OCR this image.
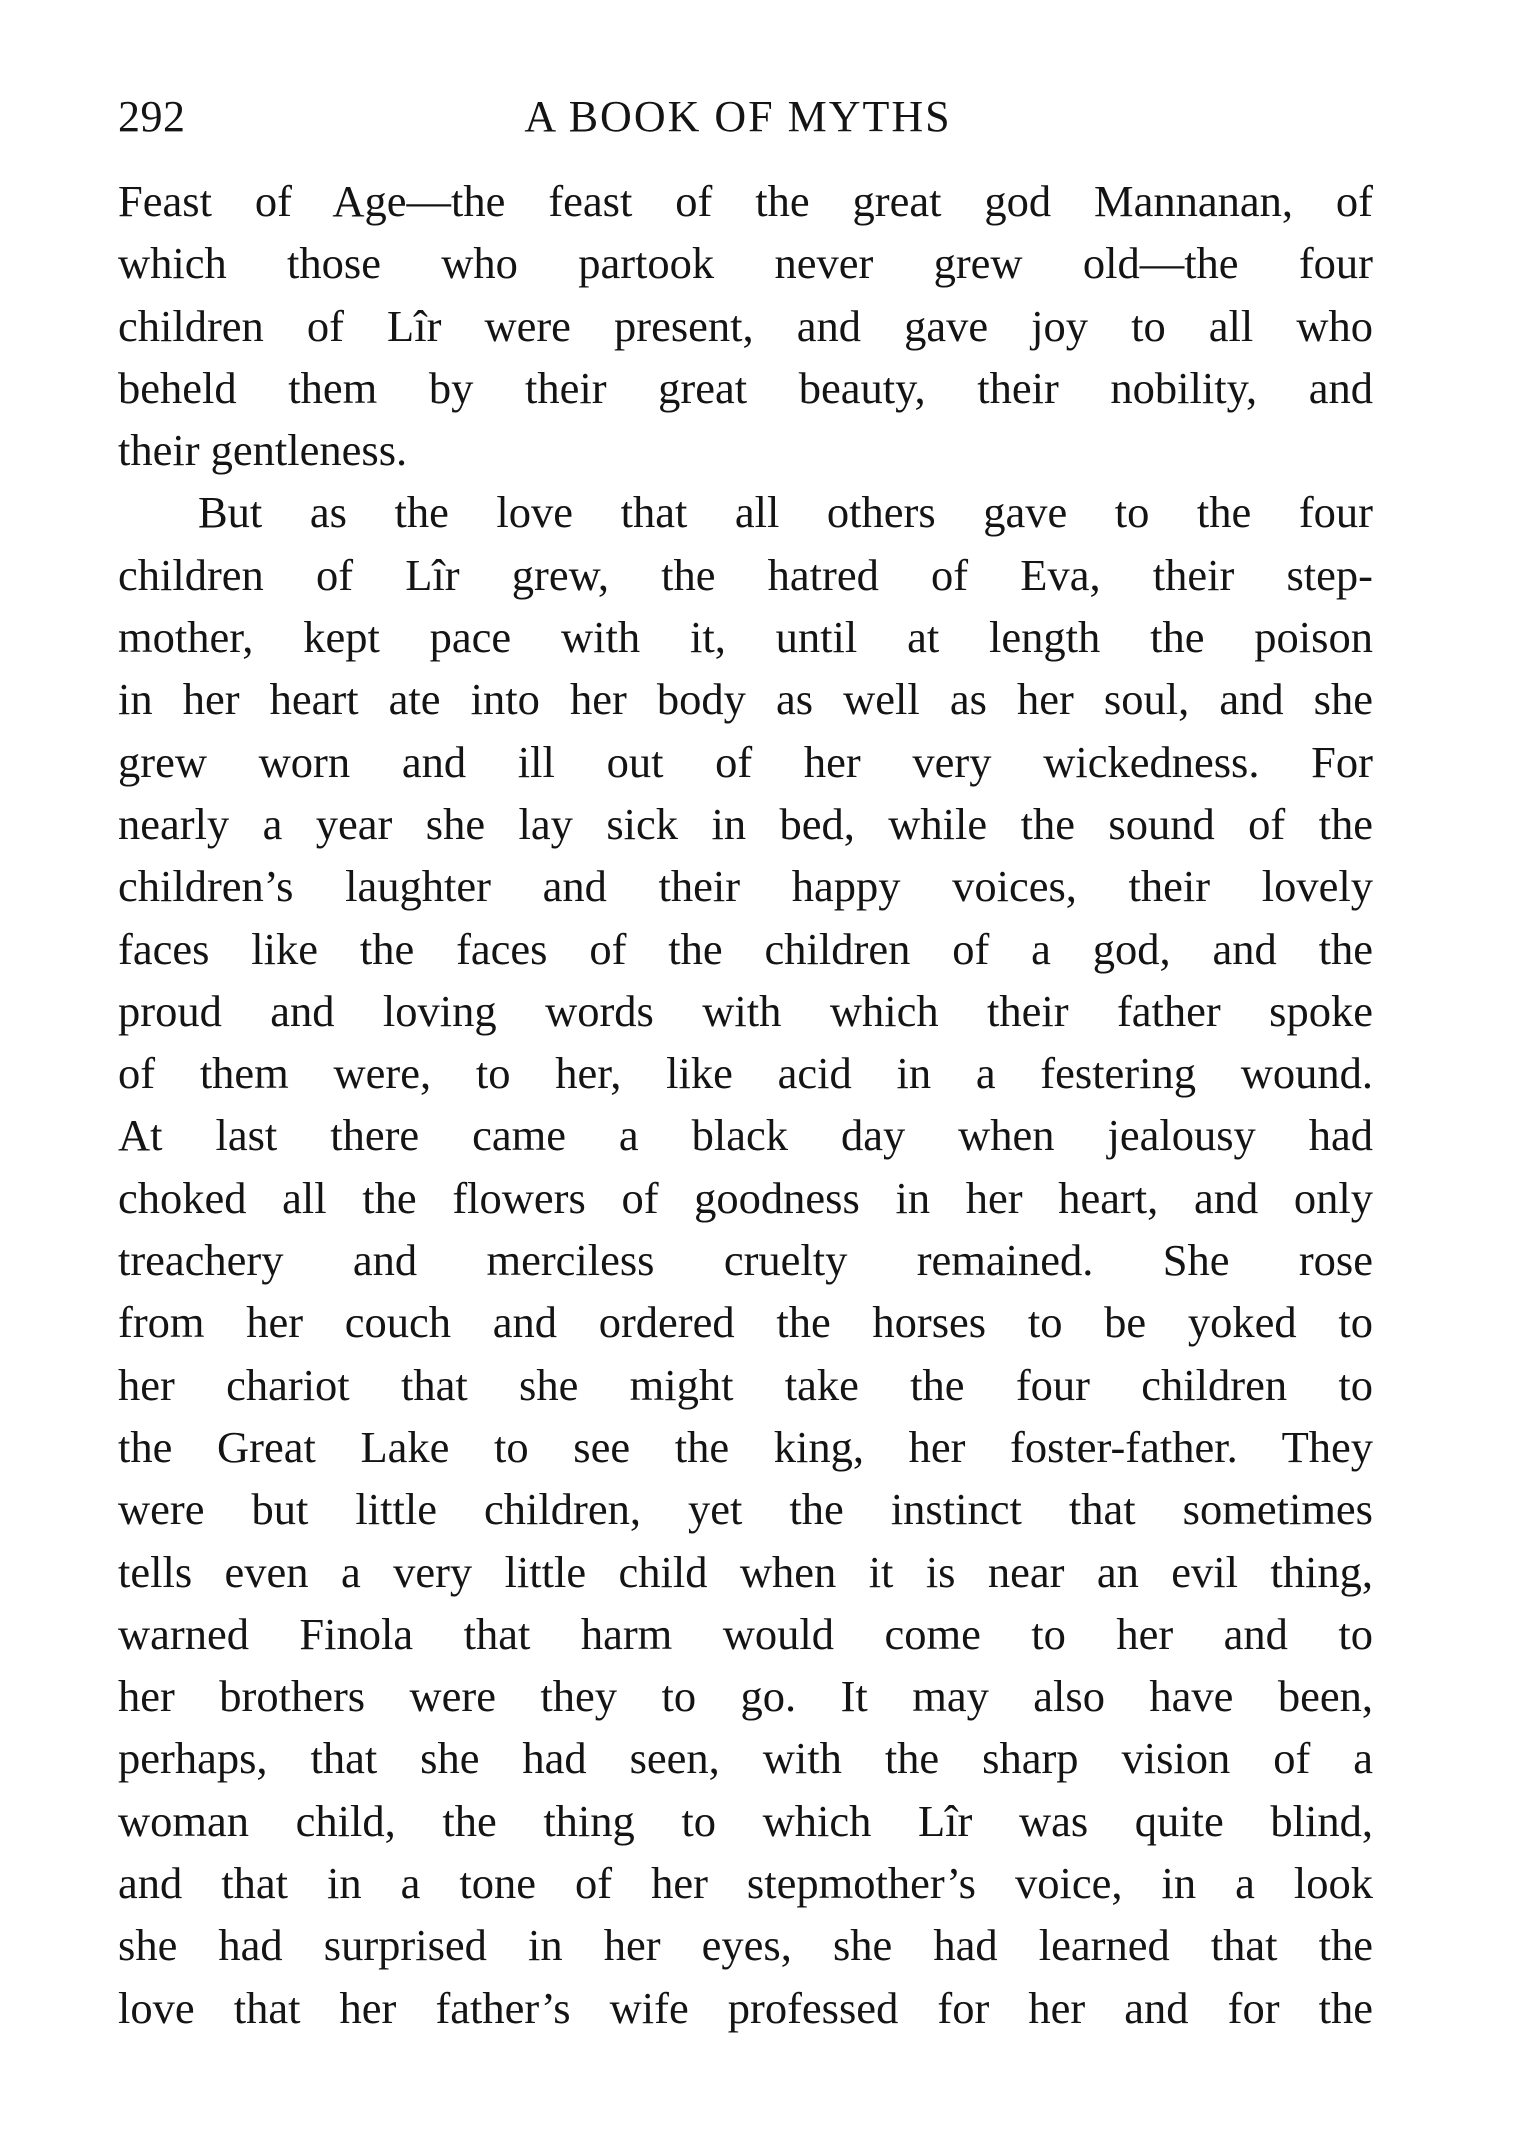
292	A BOOK OF MYTHS
Feast of Age—the feast of the great god Mannanan, of
which those who partook never grew old—the four
children of Lîr were present, and gave joy to all who
beheld them by their great beauty, their nobility, and
their gentleness.
But as the love that all others gave to the four
children of Lîr grew, the hatred of Eva, their step-
mother, kept pace with it, until at length the poison
in her heart ate into her body as well as her soul, and she
grew worn and ill out of her very wickedness. For
nearly a year she lay sick in bed, while the sound of the
children’s laughter and their happy voices, their lovely
faces like the faces of the children of a god, and the
proud and loving words with which their father spoke
of them were, to her, like acid in a festering wound.
At last there came a black day when jealousy had
choked all the flowers of goodness in her heart, and only
treachery and merciless cruelty remained. She rose
from her couch and ordered the horses to be yoked to
her chariot that she might take the four children to
the Great Lake to see the king, her foster-father. They
were but little children, yet the instinct that sometimes
tells even a very little child when it is near an evil thing,
warned Finola that harm would come to her and to
her brothers were they to go. It may also have been,
perhaps, that she had seen, with the sharp vision of a
woman child, the thing to which Lîr was quite blind,
and that in a tone of her stepmother’s voice, in a look
she had surprised in her eyes, she had learned that the
love that her father’s wife professed for her and for the
